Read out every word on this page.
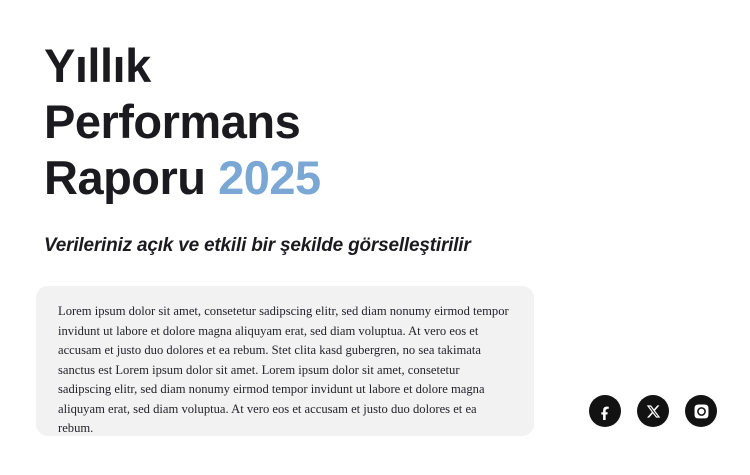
Yıllık
Performans
Raporu 2025
Verileriniz açık ve etkili bir şekilde görselleştirilir

Lorem ipsum dolor sit amet, consetetur sadipscing elitr, sed diam nonumy eirmod tempor invidunt ut labore et dolore magna aliquyam erat, sed diam voluptua. At vero eos et accusam et justo duo dolores et ea rebum. Stet clita kasd gubergren, no sea takimata sanctus est Lorem ipsum dolor sit amet. Lorem ipsum dolor sit amet, consetetur sadipscing elitr, sed diam nonumy eirmod tempor invidunt ut labore et dolore magna aliquyam erat, sed diam voluptua. At vero eos et accusam et justo duo dolores et ea rebum.
